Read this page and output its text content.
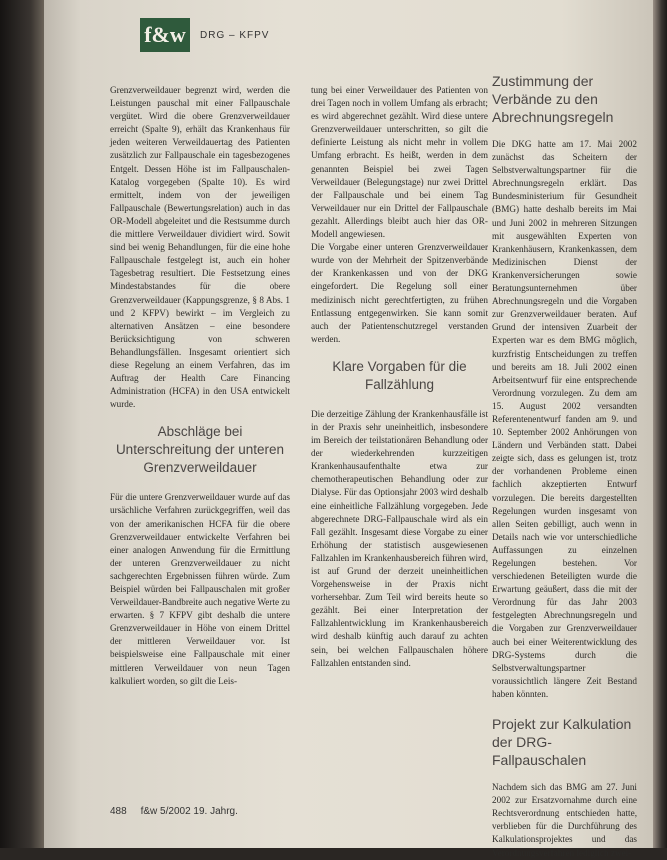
f&w	DRG – KFPV

Grenzverweildauer begrenzt wird, werden die Leistungen pauschal mit einer Fallpauschale vergütet. Wird die obere Grenzverweildauer erreicht (Spalte 9), erhält das Krankenhaus für jeden weiteren Verweildauertag des Patienten zusätzlich zur Fallpauschale ein tagesbezogenes Entgelt. Dessen Höhe ist im Fallpauschalen-Katalog vorgegeben (Spalte 10). Es wird ermittelt, indem von der jeweiligen Fallpauschale (Bewertungsrelation) auch in das OR-Modell abgeleitet und die Restsumme durch die mittlere Verweildauer dividiert wird. Sowit sind bei wenig Behandlungen, für die eine hohe Fallpauschale festgelegt ist, auch ein hoher Tagesbetrag resultiert. Die Festsetzung eines Mindestabstandes für die obere Grenzverweildauer (Kappungsgrenze, § 8 Abs. 1 und 2 KFPV) bewirkt – im Vergleich zu alternativen Ansätzen – eine besondere Berücksichtigung von schweren Behandlungsfällen. Insgesamt orientiert sich diese Regelung an einem Verfahren, das im Auftrag der Health Care Financing Administration (HCFA) in den USA entwickelt wurde.

Abschläge bei Unterschreitung der unteren Grenzverweildauer

Für die untere Grenzverweildauer wurde auf das ursächliche Verfahren zurückgegriffen, weil das von der amerikanischen HCFA für die obere Grenzverweildauer entwickelte Verfahren bei einer analogen Anwendung für die Ermittlung der unteren Grenzverweildauer zu nicht sachgerechten Ergebnissen führen würde. Zum Beispiel würden bei Fallpauschalen mit großer Verweildauer-Bandbreite auch negative Werte zu erwarten. § 7 KFPV gibt deshalb die untere Grenzverweildauer in Höhe von einem Drittel der mittleren Verweildauer vor. Ist beispielsweise eine Fallpauschale mit einer mittleren Verweildauer von neun Tagen kalkuliert worden, so gilt die Leis-

tung bei einer Verweildauer des Patienten von drei Tagen noch in vollem Umfang als erbracht; es wird abgerechnet gezählt. Wird diese untere Grenzverweildauer unterschritten, so gilt die definierte Leistung als nicht mehr in vollem Umfang erbracht. Es heißt, werden in dem genannten Beispiel bei zwei Tagen Verweildauer (Belegungstage) nur zwei Drittel der Fallpauschale und bei einem Tag Verweildauer nur ein Drittel der Fallpauschale gezahlt. Allerdings bleibt auch hier das OR-Modell angewiesen.

Die Vorgabe einer unteren Grenzverweildauer wurde von der Mehrheit der Spitzenverbände der Krankenkassen und von der DKG eingefordert. Die Regelung soll einer medizinisch nicht gerechtfertigten, zu frühen Entlassung entgegenwirken. Sie kann somit auch der Patientenschutzregel verstanden werden.

Klare Vorgaben für die Fallzählung

Die derzeitige Zählung der Krankenhausfälle ist in der Praxis sehr uneinheitlich, insbesondere im Bereich der teilstationären Behandlung oder der wiederkehrenden kurzzeitigen Krankenhausaufenthalte etwa zur chemotherapeutischen Behandlung oder zur Dialyse. Für das Optionsjahr 2003 wird deshalb eine einheitliche Fallzählung vorgegeben. Jede abgerechnete DRG-Fallpauschale wird als ein Fall gezählt. Insgesamt diese Vorgabe zu einer Erhöhung der statistisch ausgewiesenen Fallzahlen im Krankenhausbereich führen wird, ist auf Grund der derzeit uneinheitlichen Vorgehensweise in der Praxis nicht vorhersehbar. Zum Teil wird bereits heute so gezählt. Bei einer Interpretation der Fallzahlentwicklung im Krankenhausbereich wird deshalb künftig auch darauf zu achten sein, bei welchen Fallpauschalen höhere Fallzahlen entstanden sind.

Zustimmung der Verbände zu den Abrechnungsregeln

Die DKG hatte am 17. Mai 2002 zunächst das Scheitern der Selbstverwaltungspartner für die Abrechnungsregeln erklärt. Das Bundesministerium für Gesundheit (BMG) hatte deshalb bereits im Mai und Juni 2002 in mehreren Sitzungen mit ausgewählten Experten von Krankenhäusern, Krankenkassen, dem Medizinischen Dienst der Krankenversicherungen sowie Beratungsunternehmen über Abrechnungsregeln und die Vorgaben zur Grenzverweildauer beraten. Auf Grund der intensiven Zuarbeit der Experten war es dem BMG möglich, kurzfristig Entscheidungen zu treffen und bereits am 18. Juli 2002 einen Arbeitsentwurf für eine entsprechende Verordnung vorzulegen. Zu dem am 15. August 2002 versandten Referentenentwurf fanden am 9. und 10. September 2002 Anhörungen von Ländern und Verbänden statt. Dabei zeigte sich, dass es gelungen ist, trotz der vorhandenen Probleme einen fachlich akzeptierten Entwurf vorzulegen. Die bereits dargestellten Regelungen wurden insgesamt von allen Seiten gebilligt, auch wenn in Details nach wie vor unterschiedliche Auffassungen zu einzelnen Regelungen bestehen. Vor verschiedenen Beteiligten wurde die Erwartung geäußert, dass die mit der Verordnung für das Jahr 2003 festgelegten Abrechnungsregeln und die Vorgaben zur Grenzverweildauer auch bei einer Weiterentwicklung des DRG-Systems durch die Selbstverwaltungspartner voraussichtlich längere Zeit Bestand haben könnten.

Projekt zur Kalkulation der DRG-Fallpauschalen

Nachdem sich das BMG am 27. Juni 2002 zur Ersatzvornahme durch eine Rechtsverordnung entschieden hatte, verblieben für die Durchführung des Kalkulationsprojektes und das Verordnungsverfahren lediglich zwei-

488 f&w 5/2002 19. Jahrg.
